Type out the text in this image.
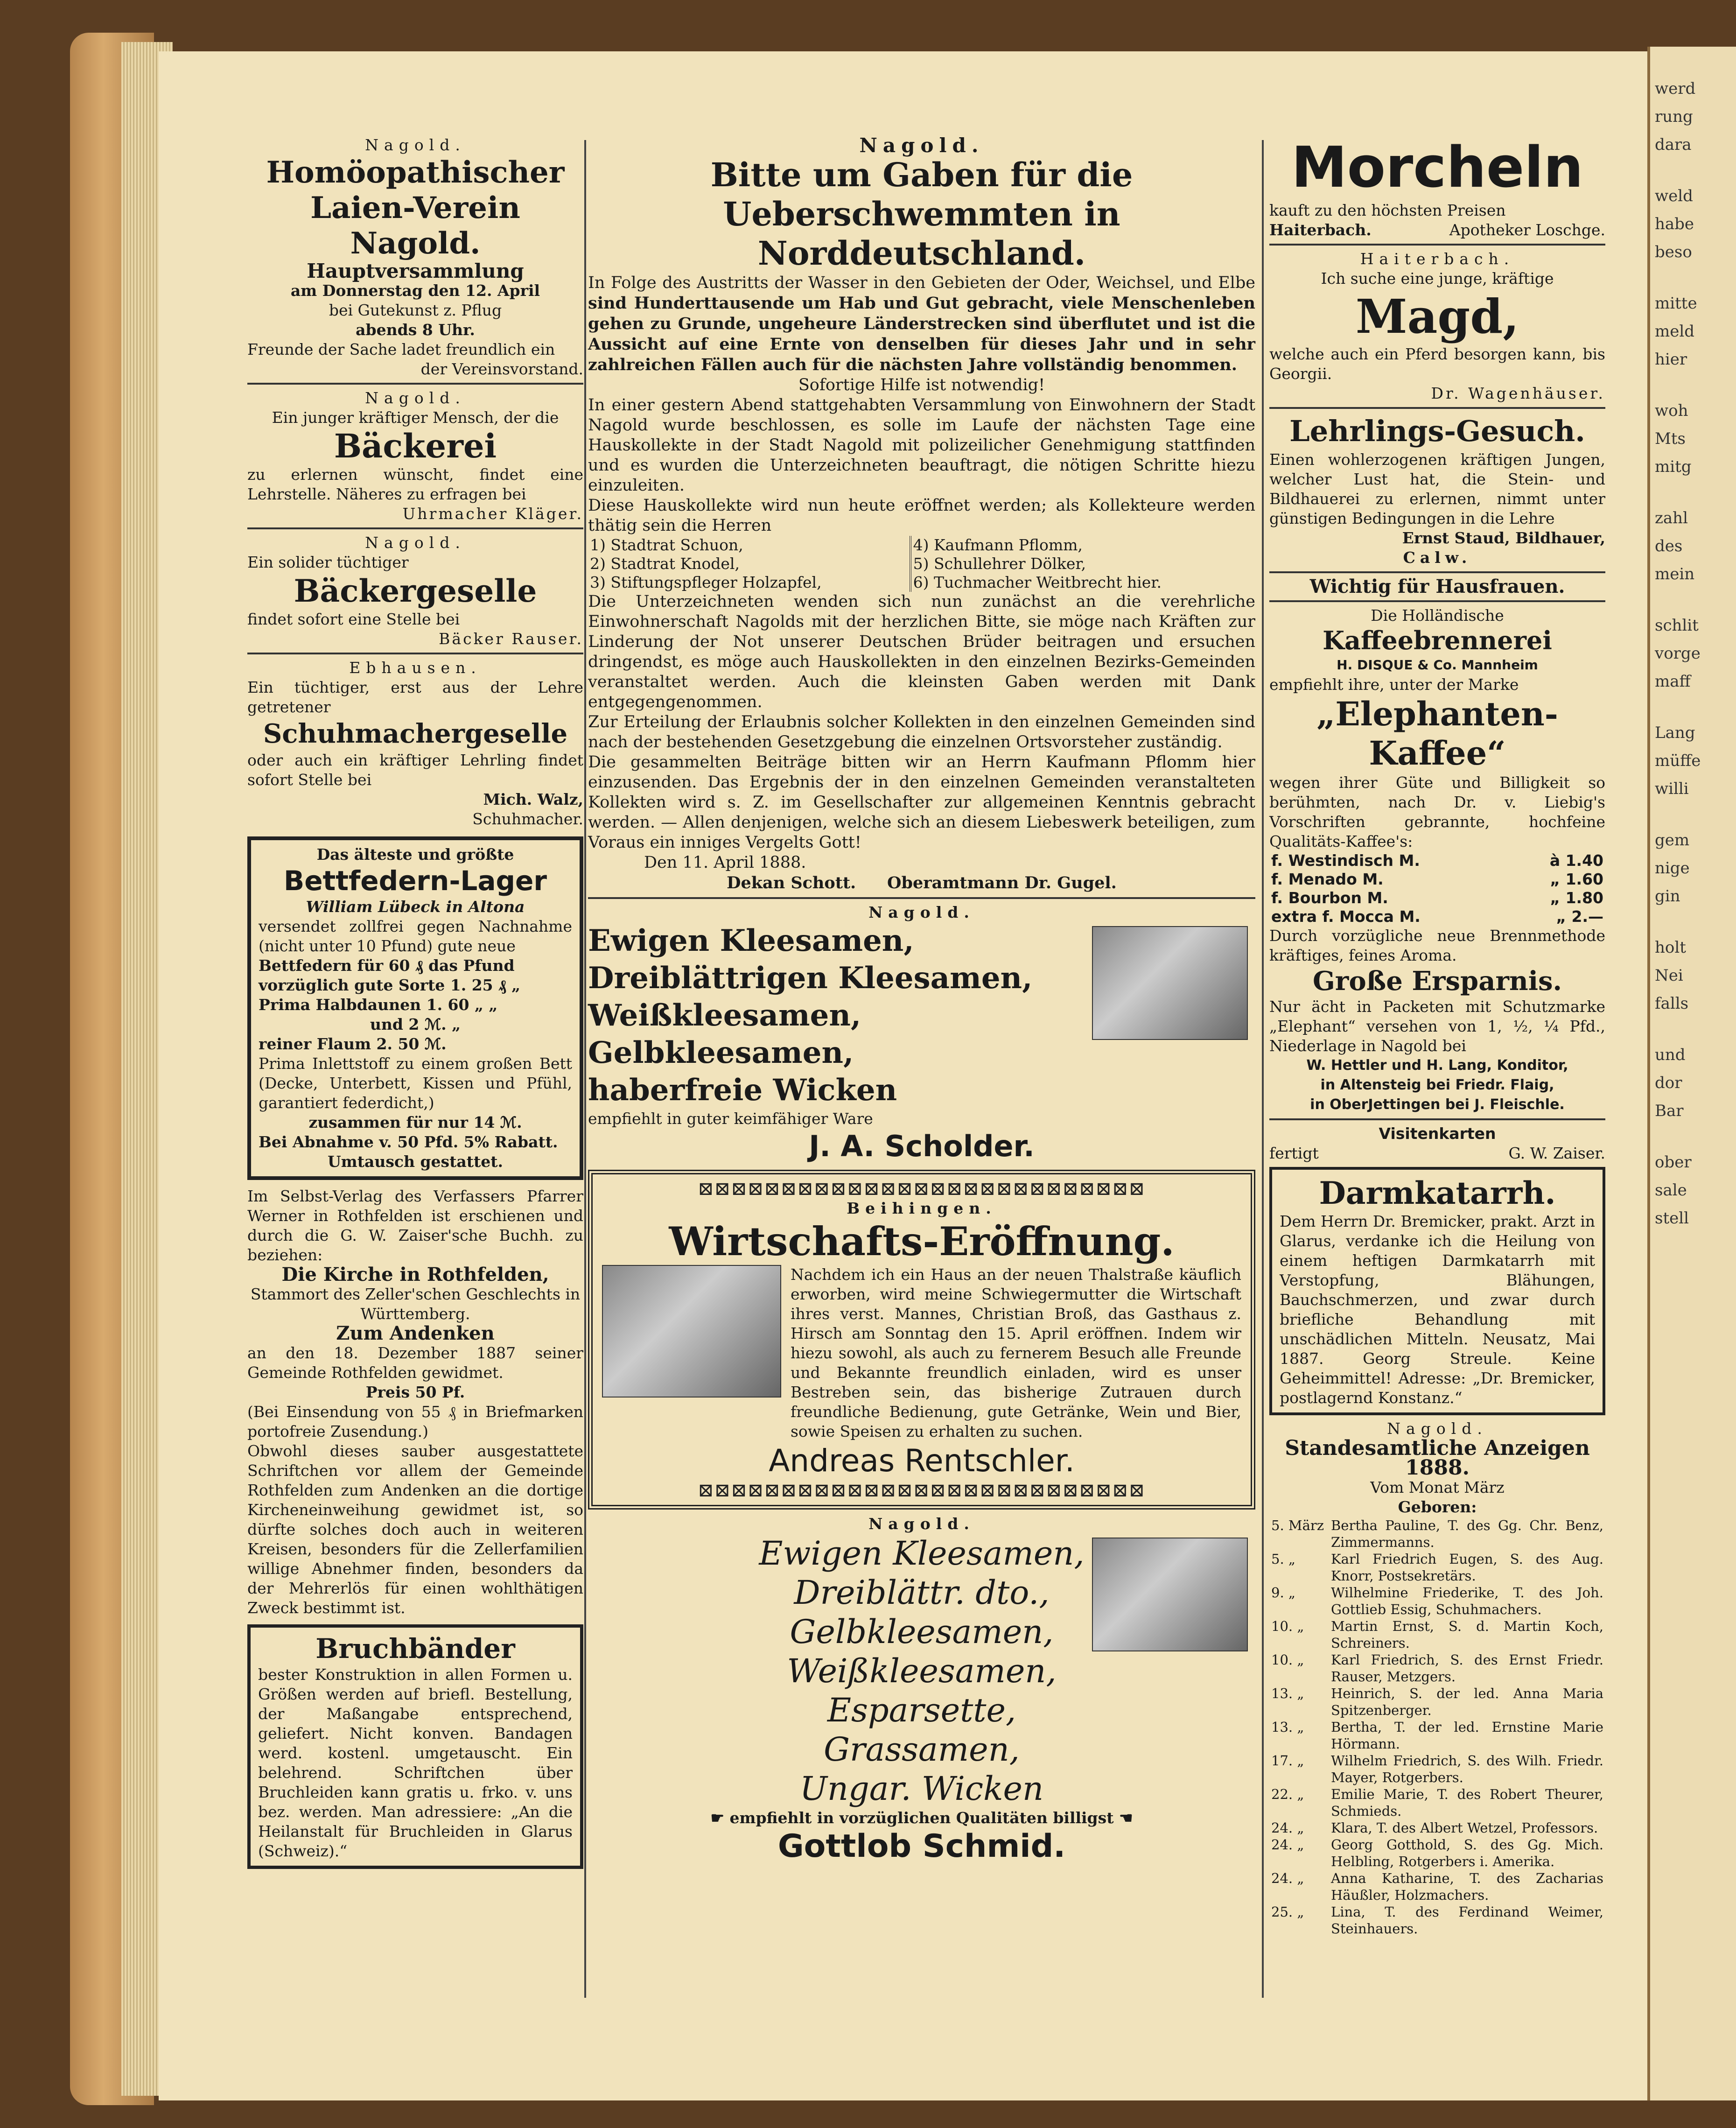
werd
rung
dara
weld
habe
beso
mitte
meld
hier
woh
Mts
mitg
zahl
des
mein
schlit
vorge
maff
Lang
müffe
willi
gem
nige
gin
holt
Nei
falls
und
dor
Bar
ober
sale
stell
Nagold.
Homöopathischer Laien-Verein Nagold.
Hauptversammlung
am Donnerstag den 12. April
bei Gutekunst z. Pflug
abends 8 Uhr.
Freunde der Sache ladet freundlich ein
der Vereinsvorstand.
Nagold.
Ein junger kräftiger Mensch, der die
Bäckerei
zu erlernen wünscht, findet eine Lehrstelle. Näheres zu erfragen bei
Uhrmacher Kläger.
Nagold.
Ein solider tüchtiger
Bäckergeselle
findet sofort eine Stelle bei
Bäcker Rauser.
Ebhausen.
Ein tüchtiger, erst aus der Lehre getretener
Schuhmachergeselle
oder auch ein kräftiger Lehrling findet sofort Stelle bei
Mich. Walz,
Schuhmacher.
Das älteste und größte
Bettfedern-Lager
William Lübeck in Altona
versendet zollfrei gegen Nachnahme (nicht unter 10 Pfund) gute neue
Bettfedern für 60 ₰ das Pfund
vorzüglich gute Sorte 1. 25 ₰ „
Prima Halbdaunen 1. 60 „ „
und 2 ℳ. „
reiner Flaum 2. 50 ℳ.
Prima Inlettstoff zu einem großen Bett (Decke, Unterbett, Kissen und Pfühl, garantiert federdicht,)
zusammen für nur 14 ℳ.
Bei Abnahme v. 50 Pfd. 5% Rabatt.
Umtausch gestattet.
Im Selbst-Verlag des Verfassers Pfarrer Werner in Rothfelden ist erschienen und durch die G. W. Zaiser'sche Buchh. zu beziehen:
Die Kirche in Rothfelden,
Stammort des Zeller'schen Geschlechts in Württemberg.
Zum Andenken
an den 18. Dezember 1887 seiner Gemeinde Rothfelden gewidmet.
Preis 50 Pf.
(Bei Einsendung von 55 ₰ in Briefmarken portofreie Zusendung.)
Obwohl dieses sauber ausgestattete Schriftchen vor allem der Gemeinde Rothfelden zum Andenken an die dortige Kircheneinweihung gewidmet ist, so dürfte solches doch auch in weiteren Kreisen, besonders für die Zellerfamilien willige Abnehmer finden, besonders da der Mehrerlös für einen wohlthätigen Zweck bestimmt ist.
Bruchbänder
bester Konstruktion in allen Formen u. Größen werden auf briefl. Bestellung, der Maßangabe entsprechend, geliefert. Nicht konven. Bandagen werd. kostenl. umgetauscht. Ein belehrend. Schriftchen über Bruchleiden kann gratis u. frko. v. uns bez. werden. Man adressiere: „An die Heilanstalt für Bruchleiden in Glarus (Schweiz).“
Nagold.
Bitte um Gaben für die Ueberschwemmten in Norddeutschland.
In Folge des Austritts der Wasser in den Gebieten der Oder, Weichsel, und Elbe sind Hunderttausende um Hab und Gut gebracht, viele Menschenleben gehen zu Grunde, ungeheure Länderstrecken sind überflutet und ist die Aussicht auf eine Ernte von denselben für dieses Jahr und in sehr zahlreichen Fällen auch für die nächsten Jahre vollständig benommen.
Sofortige Hilfe ist notwendig!
In einer gestern Abend stattgehabten Versammlung von Einwohnern der Stadt Nagold wurde beschlossen, es solle im Laufe der nächsten Tage eine Hauskollekte in der Stadt Nagold mit polizeilicher Genehmigung stattfinden und es wurden die Unterzeichneten beauftragt, die nötigen Schritte hiezu einzuleiten.
Diese Hauskollekte wird nun heute eröffnet werden; als Kollekteure werden thätig sein die Herren
1) Stadtrat Schuon,	4) Kaufmann Pflomm,
2) Stadtrat Knodel,	5) Schullehrer Dölker,
3) Stiftungspfleger Holzapfel,	6) Tuchmacher Weitbrecht hier.
Die Unterzeichneten wenden sich nun zunächst an die verehrliche Einwohnerschaft Nagolds mit der herzlichen Bitte, sie möge nach Kräften zur Linderung der Not unserer Deutschen Brüder beitragen und ersuchen dringendst, es möge auch Hauskollekten in den einzelnen Bezirks-Gemeinden veranstaltet werden. Auch die kleinsten Gaben werden mit Dank entgegengenommen.
Zur Erteilung der Erlaubnis solcher Kollekten in den einzelnen Gemeinden sind nach der bestehenden Gesetzgebung die einzelnen Ortsvorsteher zuständig.
Die gesammelten Beiträge bitten wir an Herrn Kaufmann Pflomm hier einzusenden. Das Ergebnis der in den einzelnen Gemeinden veranstalteten Kollekten wird s. Z. im Gesellschafter zur allgemeinen Kenntnis gebracht werden. — Allen denjenigen, welche sich an diesem Liebeswerk beteiligen, zum Voraus ein inniges Vergelts Gott!
Den 11. April 1888.
Dekan Schott. Oberamtmann Dr. Gugel.
Nagold.
Ewigen Kleesamen,
Dreiblättrigen Kleesamen,
Weißkleesamen,
Gelbkleesamen,
haberfreie Wicken
empfiehlt in guter keimfähiger Ware
J. A. Scholder.
⊠⊠⊠⊠⊠⊠⊠⊠⊠⊠⊠⊠⊠⊠⊠⊠⊠⊠⊠⊠⊠⊠⊠⊠⊠⊠⊠
Beihingen.
Wirtschafts-Eröffnung.
Nachdem ich ein Haus an der neuen Thalstraße käuflich erworben, wird meine Schwiegermutter die Wirtschaft ihres verst. Mannes, Christian Broß, das Gasthaus z. Hirsch am Sonntag den 15. April eröffnen. Indem wir hiezu sowohl, als auch zu fernerem Besuch alle Freunde und Bekannte freundlich einladen, wird es unser Bestreben sein, das bisherige Zutrauen durch freundliche Bedienung, gute Getränke, Wein und Bier, sowie Speisen zu erhalten zu suchen.
Andreas Rentschler.
⊠⊠⊠⊠⊠⊠⊠⊠⊠⊠⊠⊠⊠⊠⊠⊠⊠⊠⊠⊠⊠⊠⊠⊠⊠⊠⊠
Nagold.
Ewigen Kleesamen,
Dreiblättr. dto.,
Gelbkleesamen,
Weißkleesamen,
Esparsette,
Grassamen,
Ungar. Wicken
☛ empfiehlt in vorzüglichen Qualitäten billigst ☚
Gottlob Schmid.
Morcheln
kauft zu den höchsten Preisen
Haiterbach.	Apotheker Loschge.
Haiterbach.
Ich suche eine junge, kräftige
Magd,
welche auch ein Pferd besorgen kann, bis Georgii.
Dr. Wagenhäuser.
Lehrlings-Gesuch.
Einen wohlerzogenen kräftigen Jungen, welcher Lust hat, die Stein- und Bildhauerei zu erlernen, nimmt unter günstigen Bedingungen in die Lehre
Ernst Staud, Bildhauer,
Calw.
Wichtig für Hausfrauen.
Die Holländische
Kaffeebrennerei
H. DISQUE & Co. Mannheim
empfiehlt ihre, unter der Marke
„Elephanten-Kaffee“
wegen ihrer Güte und Billigkeit so berühmten, nach Dr. v. Liebig's Vorschriften gebrannte, hochfeine Qualitäts-Kaffee's:
f. Westindisch M.	à 1.40
f. Menado M.	„ 1.60
f. Bourbon M.	„ 1.80
extra f. Mocca M.	„ 2.—
Durch vorzügliche neue Brennmethode kräftiges, feines Aroma.
Große Ersparnis.
Nur ächt in Packeten mit Schutzmarke „Elephant“ versehen von 1, ½, ¼ Pfd., Niederlage in Nagold bei
W. Hettler und H. Lang, Konditor,
in Altensteig bei Friedr. Flaig,
in OberJettingen bei J. Fleischle.
Visitenkarten
fertigt	G. W. Zaiser.
Darmkatarrh.
Dem Herrn Dr. Bremicker, prakt. Arzt in Glarus, verdanke ich die Heilung von einem heftigen Darmkatarrh mit Verstopfung, Blähungen, Bauchschmerzen, und zwar durch briefliche Behandlung mit unschädlichen Mitteln. Neusatz, Mai 1887. Georg Streule. Keine Geheimmittel! Adresse: „Dr. Bremicker, postlagernd Konstanz.“
Nagold.
Standesamtliche Anzeigen 1888.
Vom Monat März
Geboren:
5. März	Bertha Pauline, T. des Gg. Chr. Benz, Zimmermanns.
5. „	Karl Friedrich Eugen, S. des Aug. Knorr, Postsekretärs.
9. „	Wilhelmine Friederike, T. des Joh. Gottlieb Essig, Schuhmachers.
10. „	Martin Ernst, S. d. Martin Koch, Schreiners.
10. „	Karl Friedrich, S. des Ernst Friedr. Rauser, Metzgers.
13. „	Heinrich, S. der led. Anna Maria Spitzenberger.
13. „	Bertha, T. der led. Ernstine Marie Hörmann.
17. „	Wilhelm Friedrich, S. des Wilh. Friedr. Mayer, Rotgerbers.
22. „	Emilie Marie, T. des Robert Theurer, Schmieds.
24. „	Klara, T. des Albert Wetzel, Professors.
24. „	Georg Gotthold, S. des Gg. Mich. Helbling, Rotgerbers i. Amerika.
24. „	Anna Katharine, T. des Zacharias Häußler, Holzmachers.
25. „	Lina, T. des Ferdinand Weimer, Steinhauers.
